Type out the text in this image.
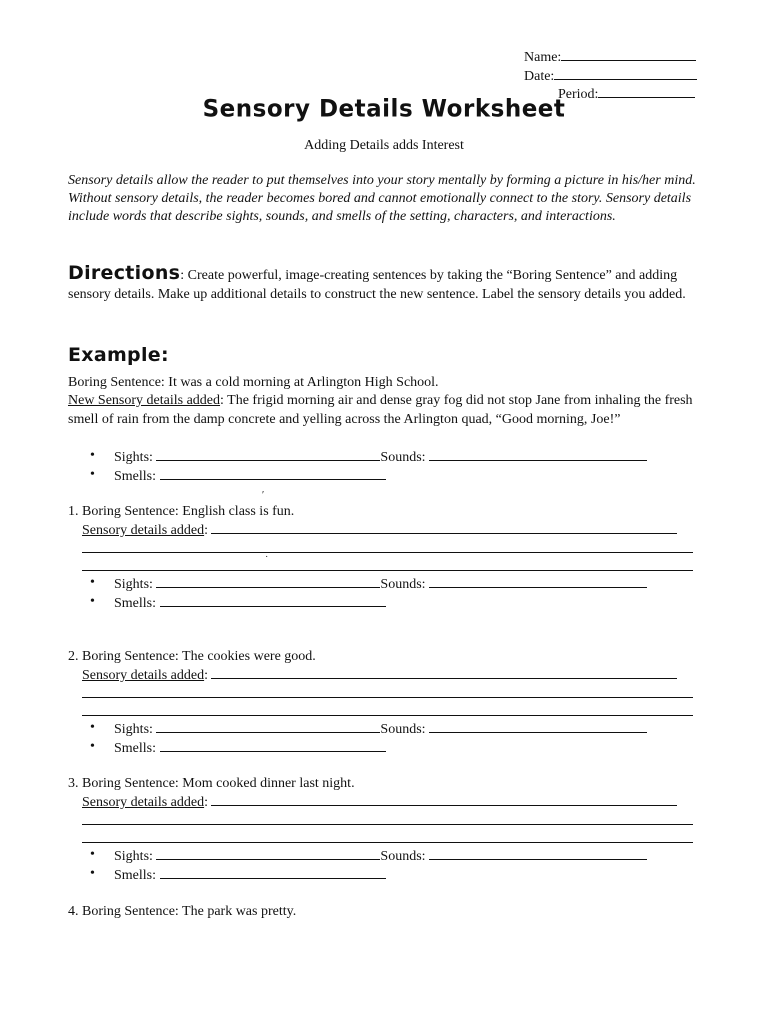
Name:
Date:
Period:
Sensory Details Worksheet
Adding Details adds Interest
Sensory details allow the reader to put themselves into your story mentally by forming a picture in his/her mind. Without sensory details, the reader becomes bored and cannot emotionally connect to the story. Sensory details include words that describe sights, sounds, and smells of the setting, characters, and interactions.
Directions: Create powerful, image-creating sentences by taking the “Boring Sentence” and adding sensory details. Make up additional details to construct the new sentence. Label the sensory details you added.
Example:
Boring Sentence: It was a cold morning at Arlington High School.
New Sensory details added: The frigid morning air and dense gray fog did not stop Jane from inhaling the fresh smell of rain from the damp concrete and yelling across the Arlington quad, “Good morning, Joe!”
• Sights:	Sounds:
• Smells:
′
1. Boring Sentence: English class is fun.
Sensory details added:
˙
• Sights:	Sounds:
• Smells:
2. Boring Sentence: The cookies were good.
Sensory details added:
• Sights:	Sounds:
• Smells:
3. Boring Sentence: Mom cooked dinner last night.
Sensory details added:
• Sights:	Sounds:
• Smells:
4. Boring Sentence: The park was pretty.
